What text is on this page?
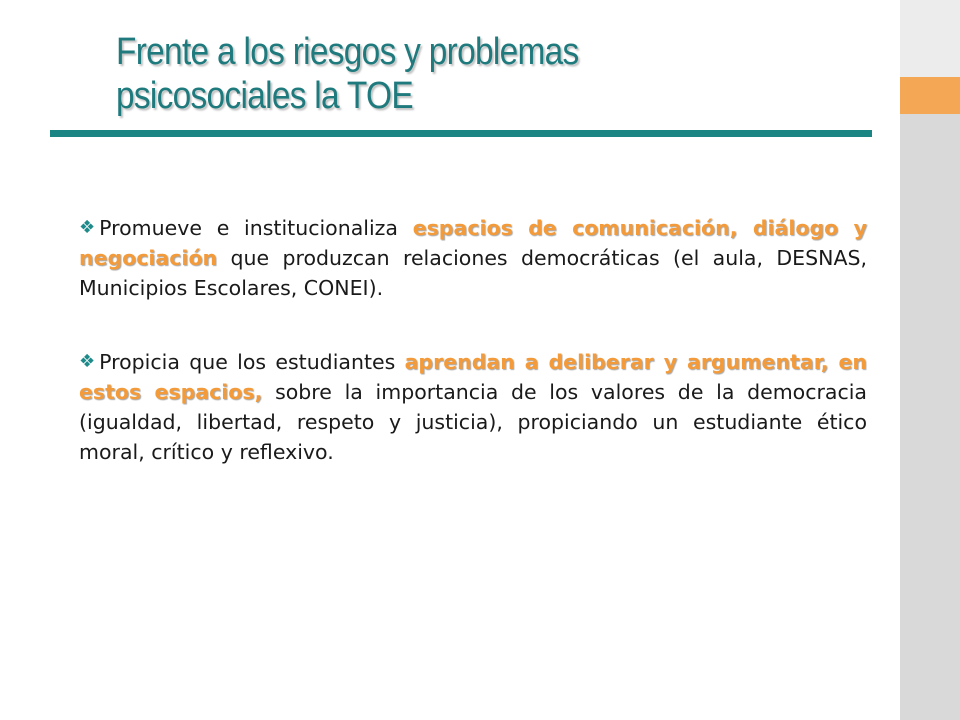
Frente a los riesgos y problemas
psicosociales la TOE

❖ Promueve e institucionaliza espacios de comunicación, diálogo y negociación que produzcan relaciones democráticas (el aula, DESNAS, Municipios Escolares, CONEI).

❖ Propicia que los estudiantes aprendan a deliberar y argumentar, en estos espacios, sobre la importancia de los valores de la democracia (igualdad, libertad, respeto y justicia), propiciando un estudiante ético moral, crítico y reflexivo.
